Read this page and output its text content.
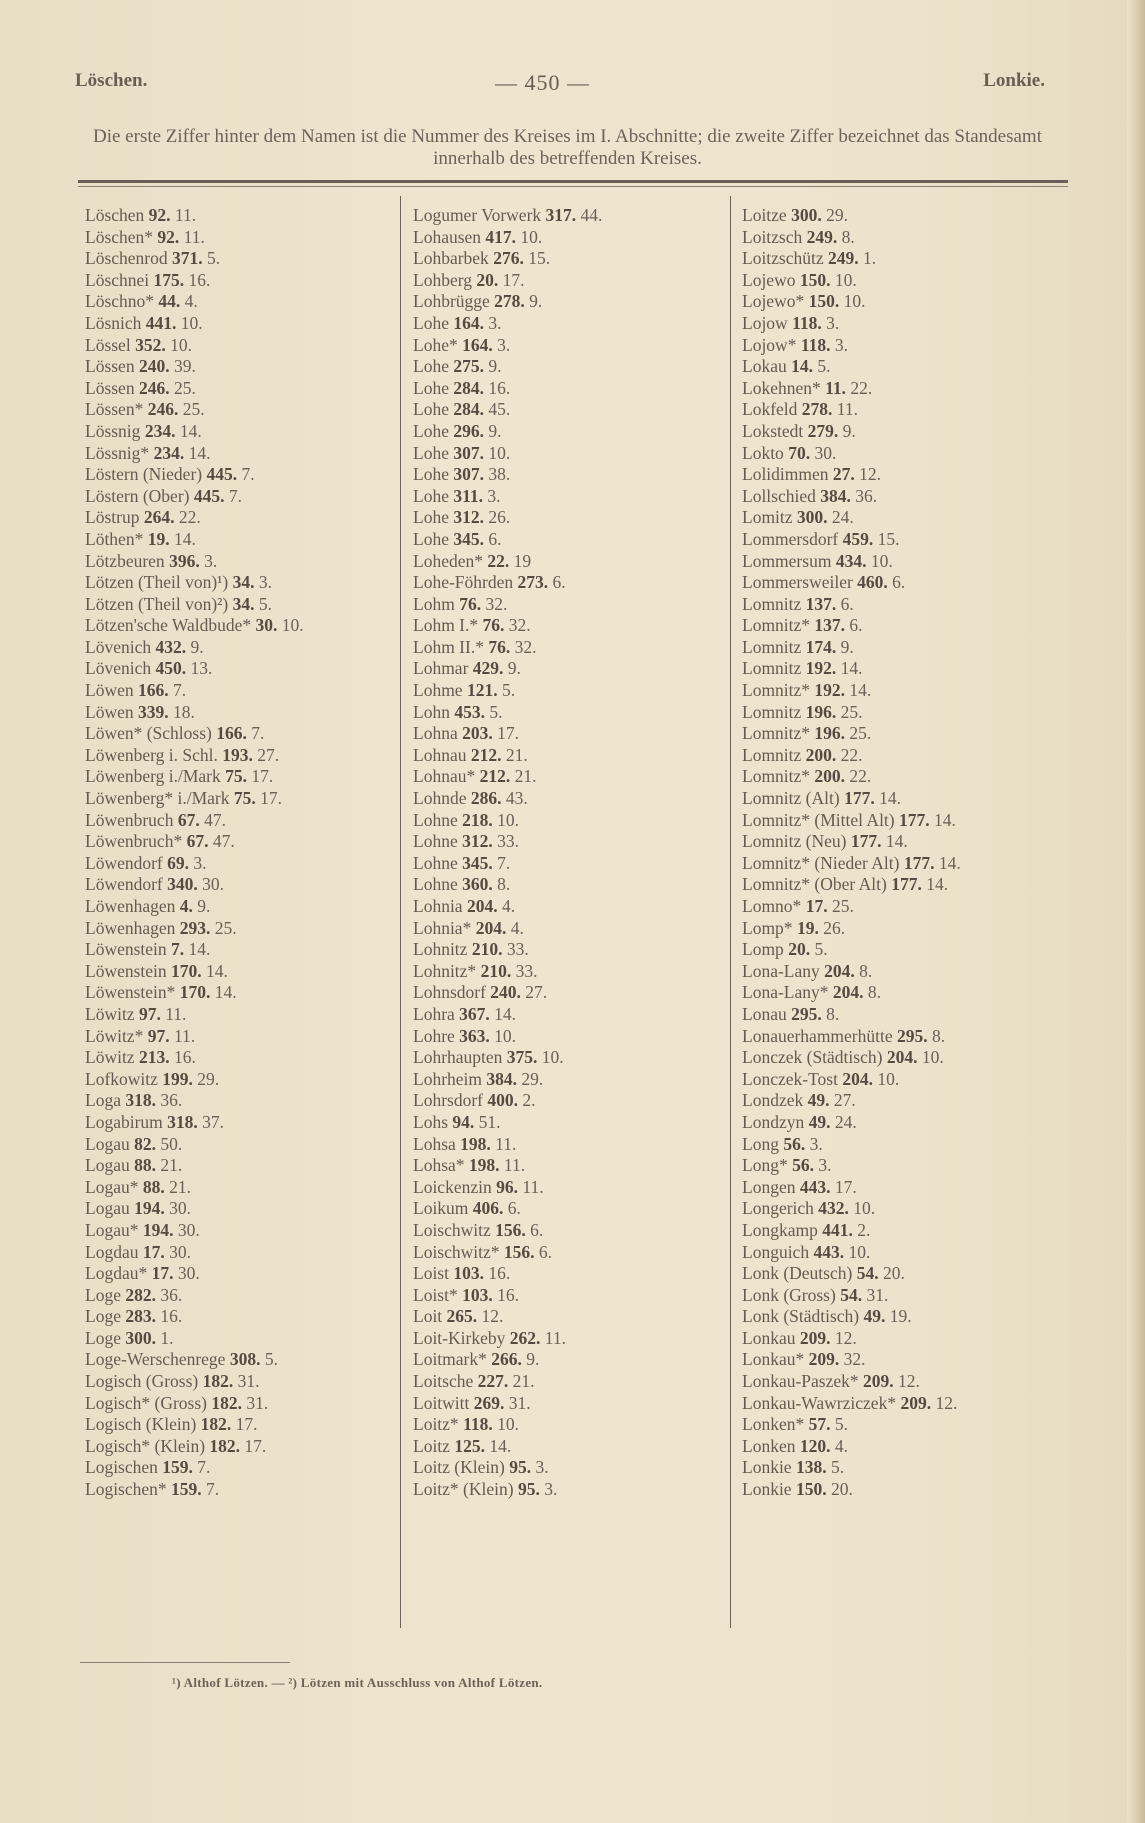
Löschen.	— 450 —	Lonkie.
Die erste Ziffer hinter dem Namen ist die Nummer des Kreises im I. Abschnitte; die zweite Ziffer bezeichnet das Standesamt innerhalb des betreffenden Kreises.
Löschen 92. 11.
Löschen* 92. 11.
Löschenrod 371. 5.
Löschnei 175. 16.
Löschno* 44. 4.
Lösnich 441. 10.
Lössel 352. 10.
Lössen 240. 39.
Lössen 246. 25.
Lössen* 246. 25.
Lössnig 234. 14.
Lössnig* 234. 14.
Löstern (Nieder) 445. 7.
Löstern (Ober) 445. 7.
Löstrup 264. 22.
Löthen* 19. 14.
Lötzbeuren 396. 3.
Lötzen (Theil von)¹) 34. 3.
Lötzen (Theil von)²) 34. 5.
Lötzen'sche Waldbude* 30. 10.
Lövenich 432. 9.
Lövenich 450. 13.
Löwen 166. 7.
Löwen 339. 18.
Löwen* (Schloss) 166. 7.
Löwenberg i. Schl. 193. 27.
Löwenberg i./Mark 75. 17.
Löwenberg* i./Mark 75. 17.
Löwenbruch 67. 47.
Löwenbruch* 67. 47.
Löwendorf 69. 3.
Löwendorf 340. 30.
Löwenhagen 4. 9.
Löwenhagen 293. 25.
Löwenstein 7. 14.
Löwenstein 170. 14.
Löwenstein* 170. 14.
Löwitz 97. 11.
Löwitz* 97. 11.
Löwitz 213. 16.
Lofkowitz 199. 29.
Loga 318. 36.
Logabirum 318. 37.
Logau 82. 50.
Logau 88. 21.
Logau* 88. 21.
Logau 194. 30.
Logau* 194. 30.
Logdau 17. 30.
Logdau* 17. 30.
Loge 282. 36.
Loge 283. 16.
Loge 300. 1.
Loge-Werschenrege 308. 5.
Logisch (Gross) 182. 31.
Logisch* (Gross) 182. 31.
Logisch (Klein) 182. 17.
Logisch* (Klein) 182. 17.
Logischen 159. 7.
Logischen* 159. 7.
Logumer Vorwerk 317. 44.
Lohausen 417. 10.
Lohbarbek 276. 15.
Lohberg 20. 17.
Lohbrügge 278. 9.
Lohe 164. 3.
Lohe* 164. 3.
Lohe 275. 9.
Lohe 284. 16.
Lohe 284. 45.
Lohe 296. 9.
Lohe 307. 10.
Lohe 307. 38.
Lohe 311. 3.
Lohe 312. 26.
Lohe 345. 6.
Loheden* 22. 19
Lohe-Föhrden 273. 6.
Lohm 76. 32.
Lohm I.* 76. 32.
Lohm II.* 76. 32.
Lohmar 429. 9.
Lohme 121. 5.
Lohn 453. 5.
Lohna 203. 17.
Lohnau 212. 21.
Lohnau* 212. 21.
Lohnde 286. 43.
Lohne 218. 10.
Lohne 312. 33.
Lohne 345. 7.
Lohne 360. 8.
Lohnia 204. 4.
Lohnia* 204. 4.
Lohnitz 210. 33.
Lohnitz* 210. 33.
Lohnsdorf 240. 27.
Lohra 367. 14.
Lohre 363. 10.
Lohrhaupten 375. 10.
Lohrheim 384. 29.
Lohrsdorf 400. 2.
Lohs 94. 51.
Lohsa 198. 11.
Lohsa* 198. 11.
Loickenzin 96. 11.
Loikum 406. 6.
Loischwitz 156. 6.
Loischwitz* 156. 6.
Loist 103. 16.
Loist* 103. 16.
Loit 265. 12.
Loit-Kirkeby 262. 11.
Loitmark* 266. 9.
Loitsche 227. 21.
Loitwitt 269. 31.
Loitz* 118. 10.
Loitz 125. 14.
Loitz (Klein) 95. 3.
Loitz* (Klein) 95. 3.
Loitze 300. 29.
Loitzsch 249. 8.
Loitzschütz 249. 1.
Lojewo 150. 10.
Lojewo* 150. 10.
Lojow 118. 3.
Lojow* 118. 3.
Lokau 14. 5.
Lokehnen* 11. 22.
Lokfeld 278. 11.
Lokstedt 279. 9.
Lokto 70. 30.
Lolidimmen 27. 12.
Lollschied 384. 36.
Lomitz 300. 24.
Lommersdorf 459. 15.
Lommersum 434. 10.
Lommersweiler 460. 6.
Lomnitz 137. 6.
Lomnitz* 137. 6.
Lomnitz 174. 9.
Lomnitz 192. 14.
Lomnitz* 192. 14.
Lomnitz 196. 25.
Lomnitz* 196. 25.
Lomnitz 200. 22.
Lomnitz* 200. 22.
Lomnitz (Alt) 177. 14.
Lomnitz* (Mittel Alt) 177. 14.
Lomnitz (Neu) 177. 14.
Lomnitz* (Nieder Alt) 177. 14.
Lomnitz* (Ober Alt) 177. 14.
Lomno* 17. 25.
Lomp* 19. 26.
Lomp 20. 5.
Lona-Lany 204. 8.
Lona-Lany* 204. 8.
Lonau 295. 8.
Lonauerhammerhütte 295. 8.
Lonczek (Städtisch) 204. 10.
Lonczek-Tost 204. 10.
Londzek 49. 27.
Londzyn 49. 24.
Long 56. 3.
Long* 56. 3.
Longen 443. 17.
Longerich 432. 10.
Longkamp 441. 2.
Longuich 443. 10.
Lonk (Deutsch) 54. 20.
Lonk (Gross) 54. 31.
Lonk (Städtisch) 49. 19.
Lonkau 209. 12.
Lonkau* 209. 32.
Lonkau-Paszek* 209. 12.
Lonkau-Wawrziczek* 209. 12.
Lonken* 57. 5.
Lonken 120. 4.
Lonkie 138. 5.
Lonkie 150. 20.
¹) Althof Lötzen. — ²) Lötzen mit Ausschluss von Althof Lötzen.
